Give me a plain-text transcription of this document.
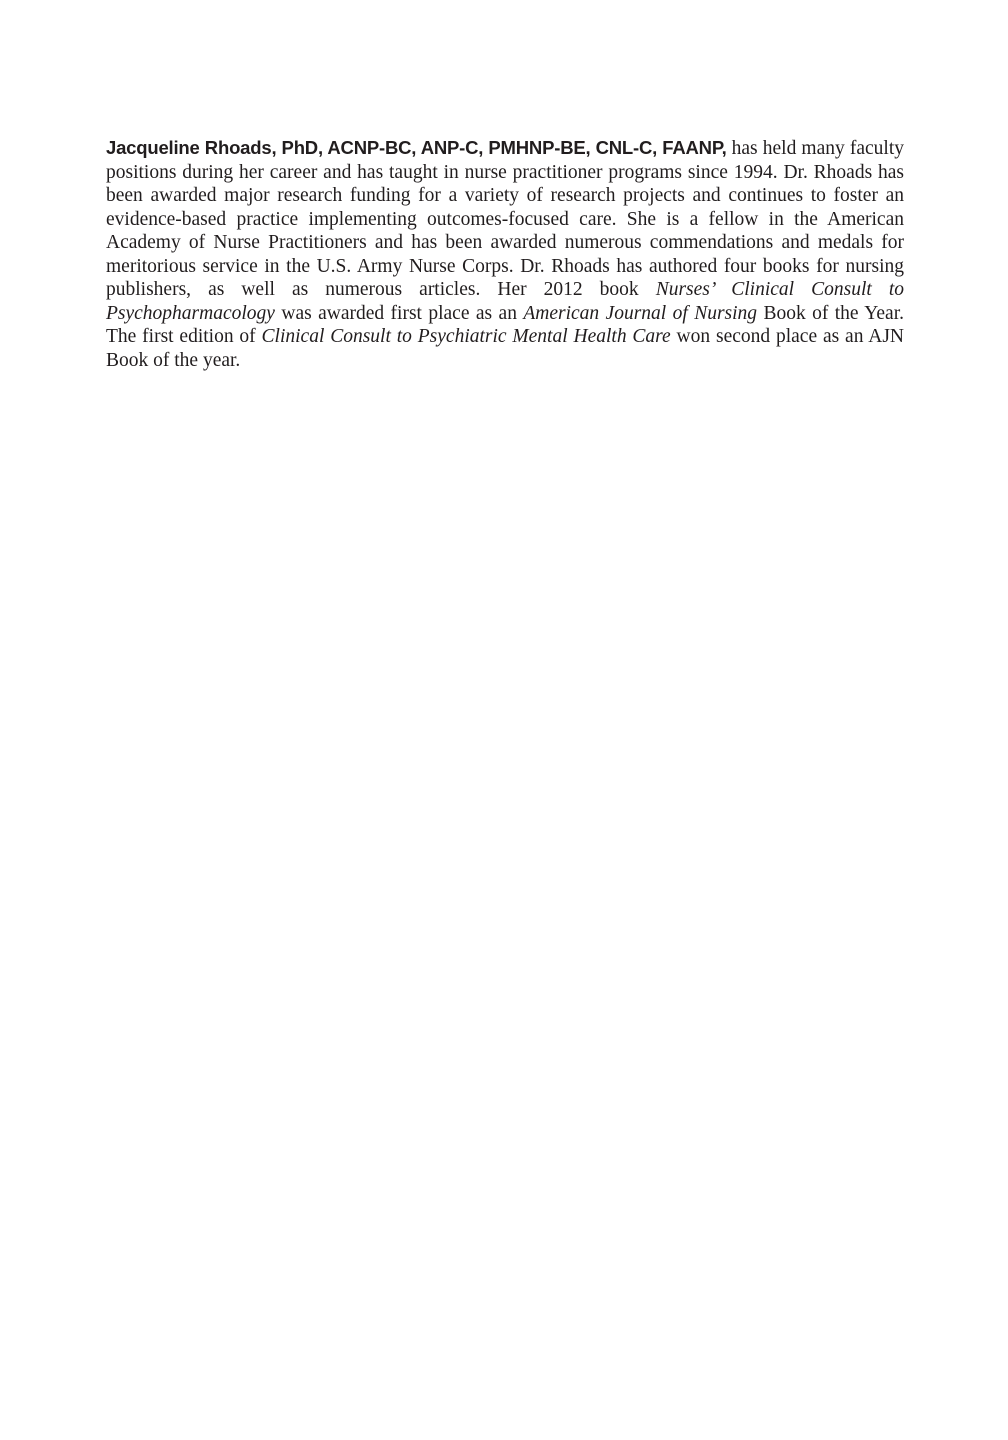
Jacqueline Rhoads, PhD, ACNP-BC, ANP-C, PMHNP-BE, CNL-C, FAANP, has held many faculty positions during her career and has taught in nurse practitioner programs since 1994. Dr. Rhoads has been awarded major research funding for a variety of research projects and continues to foster an evidence-based practice implementing outcomes-focused care. She is a fellow in the American Academy of Nurse Practitioners and has been awarded numerous commendations and medals for meritorious service in the U.S. Army Nurse Corps. Dr. Rhoads has authored four books for nursing publishers, as well as numerous articles. Her 2012 book Nurses’ Clinical Consult to Psychopharmacology was awarded first place as an American Journal of Nursing Book of the Year. The first edition of Clinical Consult to Psychiatric Mental Health Care won second place as an AJN Book of the year.
